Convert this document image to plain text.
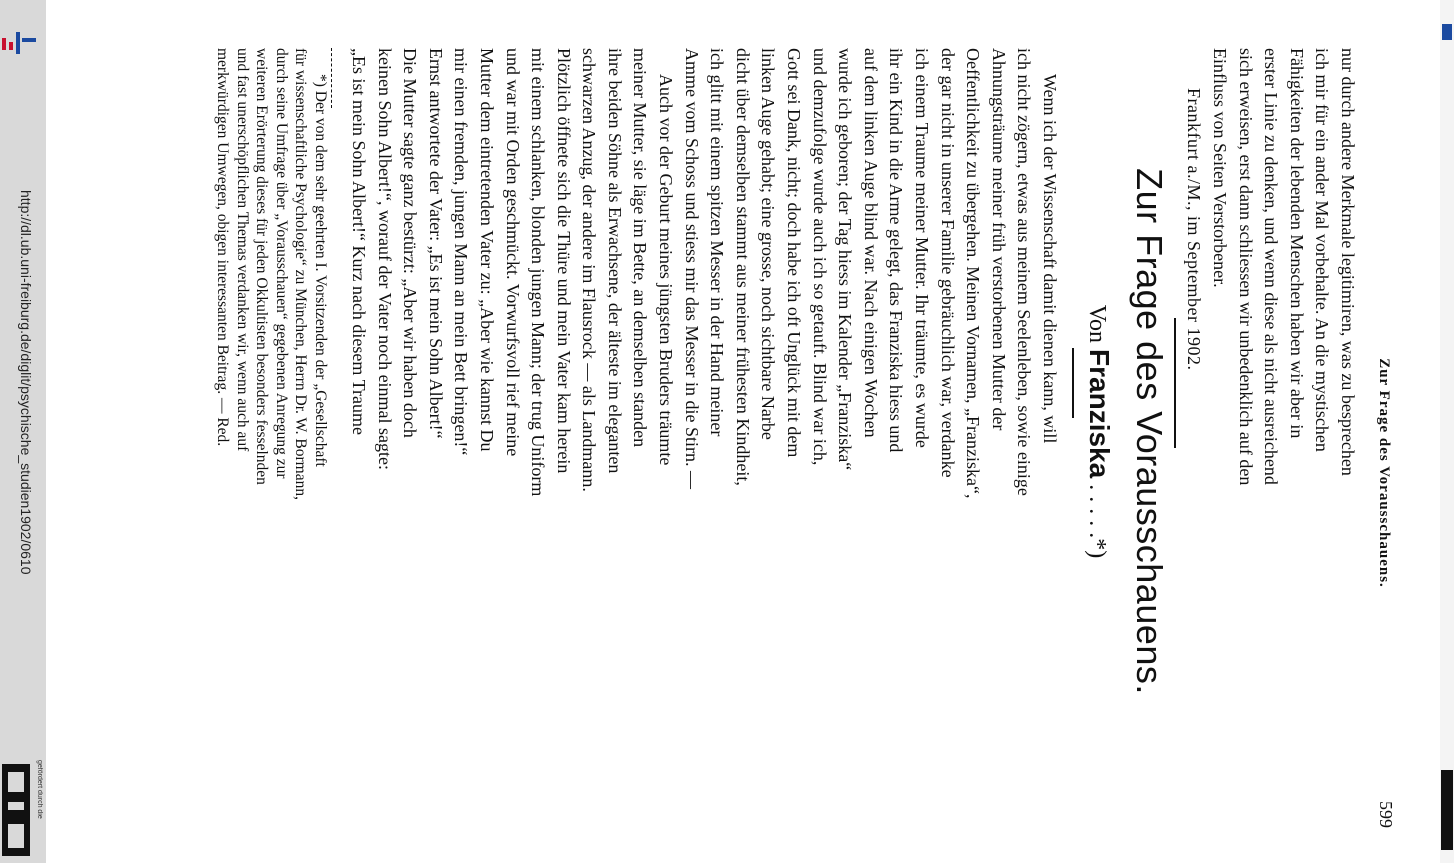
http://dl.ub.uni-freiburg.de/diglit/psychische_studien1902/0610
gefördert durch die
Zur Frage des Vorausschauens.
599
nur durch andere Merkmale legitimiren, was zu besprechen
ich mir für ein ander Mal vorbehalte. An die mystischen
Fähigkeiten der lebenden Menschen haben wir aber in
erster Linie zu denken, und wenn diese als nicht ausreichend
sich erweisen, erst dann schliessen wir unbedenklich auf den
Einfluss von Seiten Verstorbener.
Frankfurt a./M., im September 1902.
Zur Frage des Vorausschauens.
Von Franziska . . . . .*)
Wenn ich der Wissenschaft damit dienen kann, will
ich nicht zögern, etwas aus meinem Seelenleben, sowie einige
Ahnungsträume meiner früh verstorbenen Mutter der
Oeffentlichkeit zu übergehen. Meinen Vornamen, „Franziska“,
der gar nicht in unserer Familie gebräuchlich war, verdanke
ich einem Traume meiner Mutter. Ihr träumte, es wurde
ihr ein Kind in die Arme gelegt, das Franziska hiess und
auf dem linken Auge blind war. Nach einigen Wochen
wurde ich geboren; der Tag hiess im Kalender „Franziska“
und demzufolge wurde auch ich so getauft. Blind war ich,
Gott sei Dank, nicht; doch habe ich oft Unglück mit dem
linken Auge gehabt; eine grosse, noch sichtbare Narbe
dicht über demselben stammt aus meiner frühesten Kindheit,
ich glitt mit einem spitzen Messer in der Hand meiner
Amme vom Schoss und stiess mir das Messer in die Stirn. —
Auch vor der Geburt meines jüngsten Bruders träumte
meiner Mutter, sie läge im Bette, an demselben standen
ihre beiden Söhne als Erwachsene, der älteste im eleganten
schwarzen Anzug, der andere im Flausrock — als Landmann.
Plötzlich öffnete sich die Thüre und mein Vater kam herein
mit einem schlanken, blonden jungen Mann; der trug Uniform
und war mit Orden geschmückt. Vorwurfsvoll rief meine
Mutter dem eintretenden Vater zu: „Aber wie kannst Du
mir einen fremden, jungen Mann an mein Bett bringen!“
Ernst antwortete der Vater: „Es ist mein Sohn Albert!“
Die Mutter sagte ganz bestürzt: „Aber wir haben doch
keinen Sohn Albert!“, worauf der Vater noch einmal sagte:
„Es ist mein Sohn Albert!“ Kurz nach diesem Traume
*) Der von dem sehr geehrten I. Vorsitzenden der „Gesellschaft
für wissenschaftliche Psychologie“ zu München, Herrn Dr. W. Bormann,
durch seine Umfrage über „Vorausschauen“ gegebenen Anregung zur
weiteren Erörterung dieses für jeden Okkultisten besonders fesselnden
und fast unerschöpflichen Themas verdanken wir, wenn auch auf
merkwürdigen Umwegen, obigen interessanten Beitrag. — Red.
